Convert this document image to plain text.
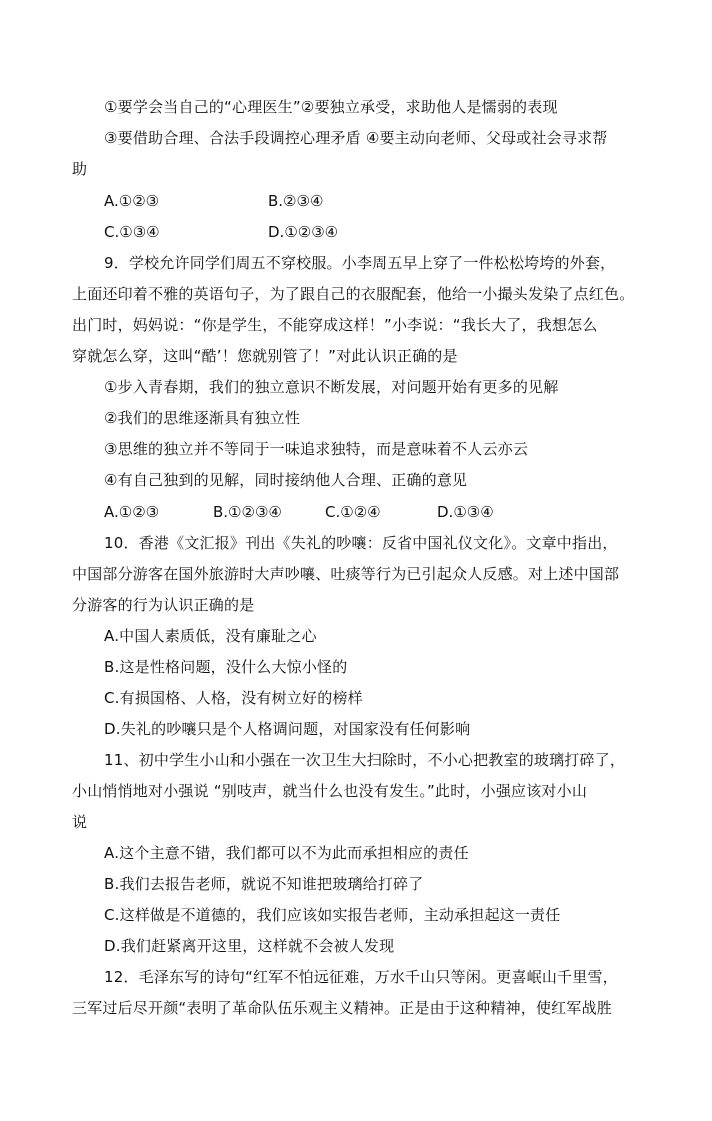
①要学会当自己的“心理医生”②要独立承受，求助他人是懦弱的表现
③要借助合理、合法手段调控心理矛盾 ④要主动向老师、父母或社会寻求帮
助
A.①②③	B.②③④
C.①③④	D.①②③④
9．学校允许同学们周五不穿校服。小李周五早上穿了一件松松垮垮的外套，
上面还印着不雅的英语句子，为了跟自己的衣服配套，他给一小撮头发染了点红色。
出门时，妈妈说：“你是学生，不能穿成这样！”小李说：“我长大了，我想怎么
穿就怎么穿，这叫“酷’！您就别管了！”对此认识正确的是
①步入青春期，我们的独立意识不断发展，对问题开始有更多的见解
②我们的思维逐渐具有独立性
③思维的独立并不等同于一味追求独特，而是意味着不人云亦云
④有自己独到的见解，同时接纳他人合理、正确的意见
A.①②③	B.①②③④	C.①②④	D.①③④
10．香港《文汇报》刊出《失礼的吵嚷：反省中国礼仪文化》。文章中指出，
中国部分游客在国外旅游时大声吵嚷、吐痰等行为已引起众人反感。对上述中国部
分游客的行为认识正确的是
A.中国人素质低，没有廉耻之心
B.这是性格问题，没什么大惊小怪的
C.有损国格、人格，没有树立好的榜样
D.失礼的吵嚷只是个人格调问题，对国家没有任何影响
11、初中学生小山和小强在一次卫生大扫除时，不小心把教室的玻璃打碎了，
小山悄悄地对小强说 “别吱声，就当什么也没有发生。”此时，小强应该对小山
说
A.这个主意不错，我们都可以不为此而承担相应的责任
B.我们去报告老师，就说不知谁把玻璃给打碎了
C.这样做是不道德的，我们应该如实报告老师，主动承担起这一责任
D.我们赶紧离开这里，这样就不会被人发现
12．毛泽东写的诗句“红军不怕远征难，万水千山只等闲。更喜岷山千里雪，
三军过后尽开颜“表明了革命队伍乐观主义精神。正是由于这种精神，使红军战胜
